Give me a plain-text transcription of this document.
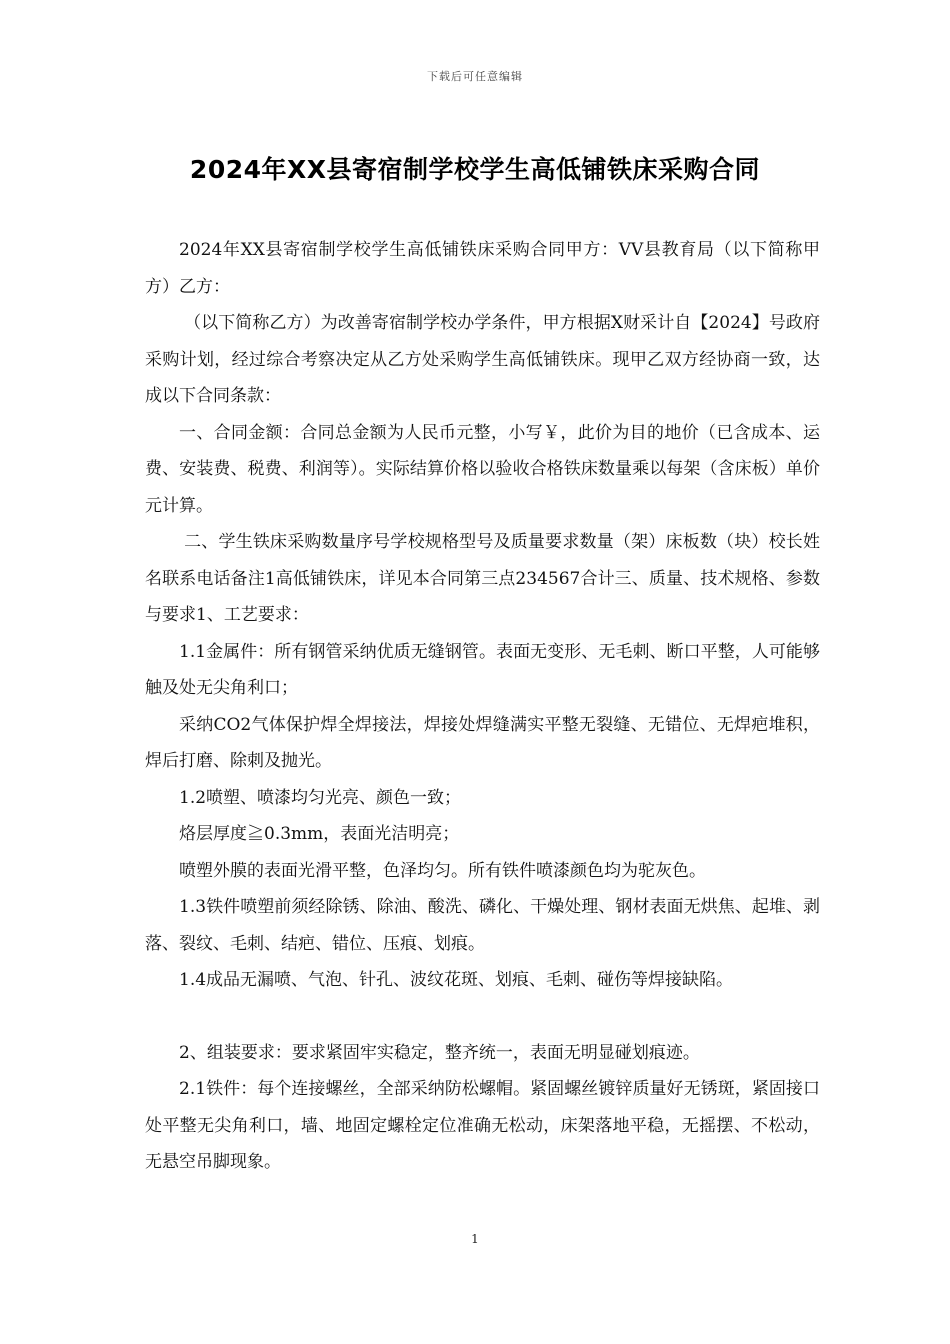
下载后可任意编辑
2024年XX县寄宿制学校学生高低铺铁床采购合同

2024年XX县寄宿制学校学生高低铺铁床采购合同甲方：VV县教育局（以下简称甲方）乙方：

（以下简称乙方）为改善寄宿制学校办学条件，甲方根据X财采计自【2024】号政府采购计划，经过综合考察决定从乙方处采购学生高低铺铁床。现甲乙双方经协商一致，达成以下合同条款：

一、合同金额：合同总金额为人民币元整，小写￥，此价为目的地价（已含成本、运费、安装费、税费、利润等）。实际结算价格以验收合格铁床数量乘以每架（含床板）单价元计算。

二、学生铁床采购数量序号学校规格型号及质量要求数量（架）床板数（块）校长姓名联系电话备注1高低铺铁床，详见本合同第三点234567合计三、质量、技术规格、参数与要求1、工艺要求：

1.1金属件：所有钢管采纳优质无缝钢管。表面无变形、无毛刺、断口平整，人可能够触及处无尖角利口；

采纳CO2气体保护焊全焊接法，焊接处焊缝满实平整无裂缝、无错位、无焊疤堆积，焊后打磨、除刺及抛光。

1.2喷塑、喷漆均匀光亮、颜色一致；

烙层厚度≧0.3mm，表面光洁明亮；

喷塑外膜的表面光滑平整，色泽均匀。所有铁件喷漆颜色均为驼灰色。

1.3铁件喷塑前须经除锈、除油、酸洗、磷化、干燥处理、钢材表面无烘焦、起堆、剥落、裂纹、毛刺、结疤、错位、压痕、划痕。

1.4成品无漏喷、气泡、针孔、波纹花斑、划痕、毛刺、碰伤等焊接缺陷。

2、组装要求：要求紧固牢实稳定，整齐统一，表面无明显碰划痕迹。

2.1铁件：每个连接螺丝，全部采纳防松螺帽。紧固螺丝镀锌质量好无锈斑，紧固接口处平整无尖角利口，墙、地固定螺栓定位准确无松动，床架落地平稳，无摇摆、不松动，无悬空吊脚现象。

1
